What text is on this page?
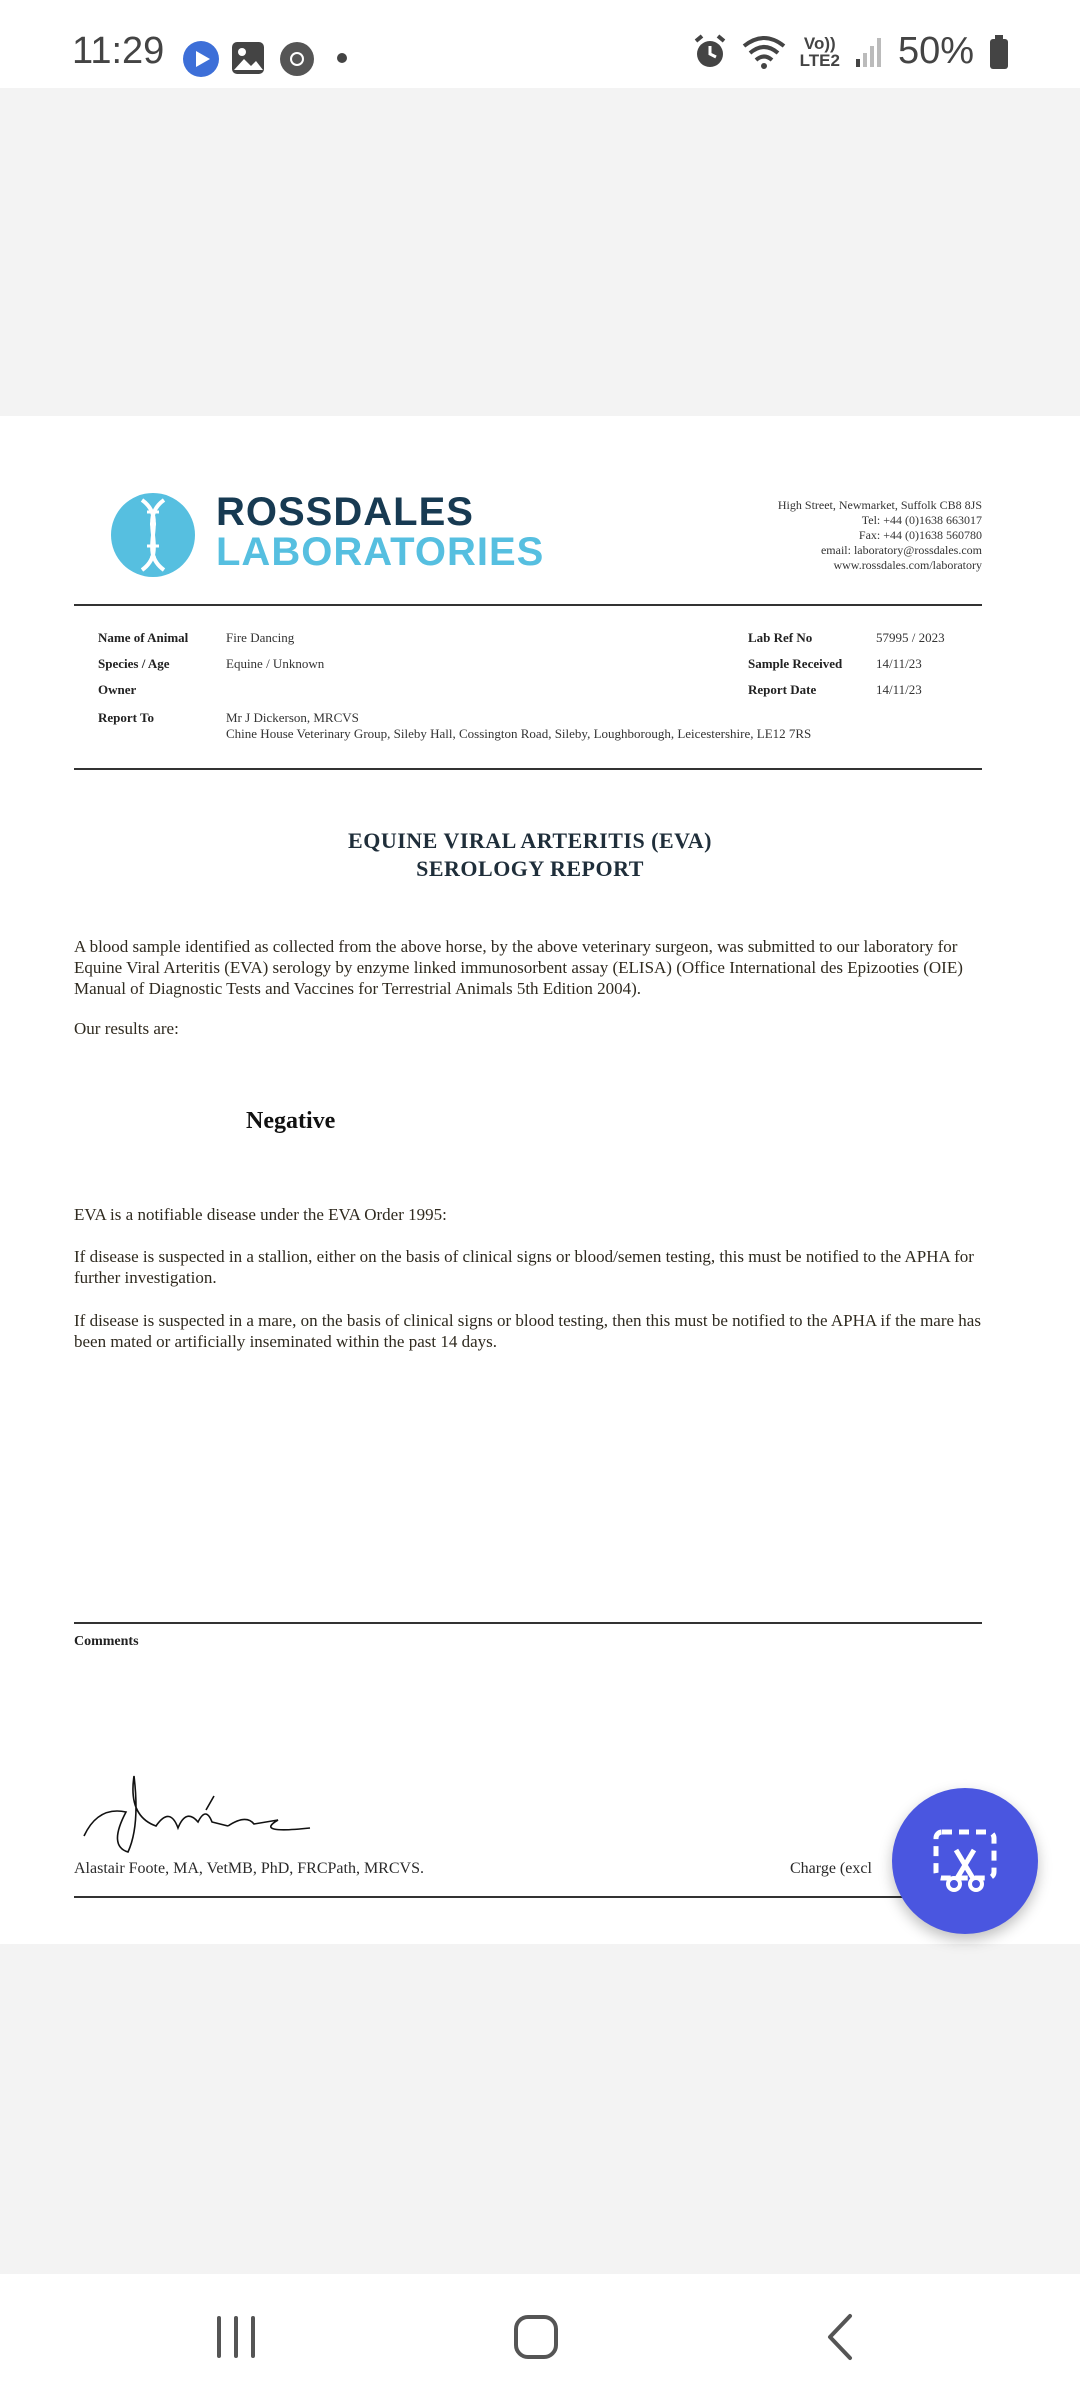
11:29	Vo))
LTE2 50%
ROSSDALES
LABORATORIES
High Street, Newmarket, Suffolk CB8 8JS
Tel: +44 (0)1638 663017
Fax: +44 (0)1638 560780
email: laboratory@rossdales.com
www.rossdales.com/laboratory
Name of Animal	Fire Dancing
Species / Age	Equine / Unknown
Owner
Report To	Mr J Dickerson, MRCVS
Chine House Veterinary Group, Sileby Hall, Cossington Road, Sileby, Loughborough, Leicestershire, LE12 7RS
Lab Ref No	57995 / 2023
Sample Received	14/11/23
Report Date	14/11/23
EQUINE VIRAL ARTERITIS (EVA)
SEROLOGY REPORT
A blood sample identified as collected from the above horse, by the above veterinary surgeon, was submitted to our laboratory for Equine Viral Arteritis (EVA) serology by enzyme linked immunosorbent assay (ELISA) (Office International des Epizooties (OIE) Manual of Diagnostic Tests and Vaccines for Terrestrial Animals 5th Edition 2004).
Our results are:
Negative
EVA is a notifiable disease under the EVA Order 1995:
If disease is suspected in a stallion, either on the basis of clinical signs or blood/semen testing, this must be notified to the APHA for further investigation.
If disease is suspected in a mare, on the basis of clinical signs or blood testing, then this must be notified to the APHA if the mare has been mated or artificially inseminated within the past 14 days.
Comments
Alastair Foote, MA, VetMB, PhD, FRCPath, MRCVS.	Charge (excl
